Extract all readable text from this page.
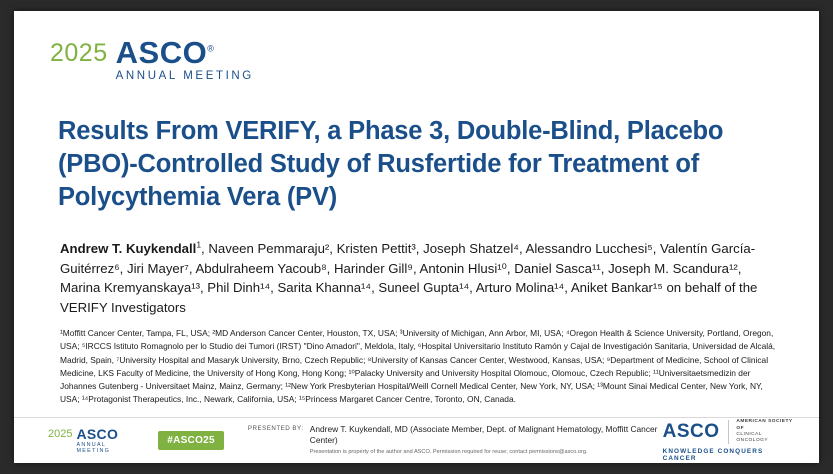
2025 ASCO®
ANNUAL MEETING
Results From VERIFY, a Phase 3, Double-Blind, Placebo (PBO)-Controlled Study of Rusfertide for Treatment of Polycythemia Vera (PV)
Andrew T. Kuykendall$^1$, Naveen Pemmaraju², Kristen Pettit³, Joseph Shatzel⁴, Alessandro Lucchesi⁵, Valentín García-Guitérrez⁶, Jiri Mayer⁷, Abdulraheem Yacoub⁸, Harinder Gill⁹, Antonin Hlusi¹⁰, Daniel Sasca¹¹, Joseph M. Scandura¹², Marina Kremyanskaya¹³, Phil Dinh¹⁴, Sarita Khanna¹⁴, Suneel Gupta¹⁴, Arturo Molina¹⁴, Aniket Bankar¹⁵ on behalf of the VERIFY Investigators
¹Moffitt Cancer Center, Tampa, FL, USA; ²MD Anderson Cancer Center, Houston, TX, USA; ³University of Michigan, Ann Arbor, MI, USA; ⁴Oregon Health & Science University, Portland, Oregon, USA; ⁵IRCCS Istituto Romagnolo per lo Studio dei Tumori (IRST) "Dino Amadori", Meldola, Italy, ⁶Hospital Universitario Instituto Ramón y Cajal de Investigación Sanitaria, Universidad de Alcalá, Madrid, Spain, ⁷University Hospital and Masaryk University, Brno, Czech Republic; ⁸University of Kansas Cancer Center, Westwood, Kansas, USA; ⁹Department of Medicine, School of Clinical Medicine, LKS Faculty of Medicine, the University of Hong Kong, Hong Kong; ¹⁰Palacky University and University Hospital Olomouc, Olomouc, Czech Republic; ¹¹Universitaetsmedizin der Johannes Gutenberg - Universitaet Mainz, Mainz, Germany; ¹²New York Presbyterian Hospital/Weill Cornell Medical Center, New York, NY, USA; ¹³Mount Sinai Medical Center, New York, NY, USA; ¹⁴Protagonist Therapeutics, Inc., Newark, California, USA; ¹⁵Princess Margaret Cancer Centre, Toronto, ON, Canada.
2025 ASCO
ANNUAL MEETING
#ASCO25
PRESENTED BY: Andrew T. Kuykendall, MD (Associate Member, Dept. of Malignant Hematology, Moffitt Cancer Center)
Presentation is property of the author and ASCO. Permission required for reuse; contact permissions@asco.org.
ASCO	AMERICAN SOCIETY OF
CLINICAL ONCOLOGY
KNOWLEDGE CONQUERS CANCER
